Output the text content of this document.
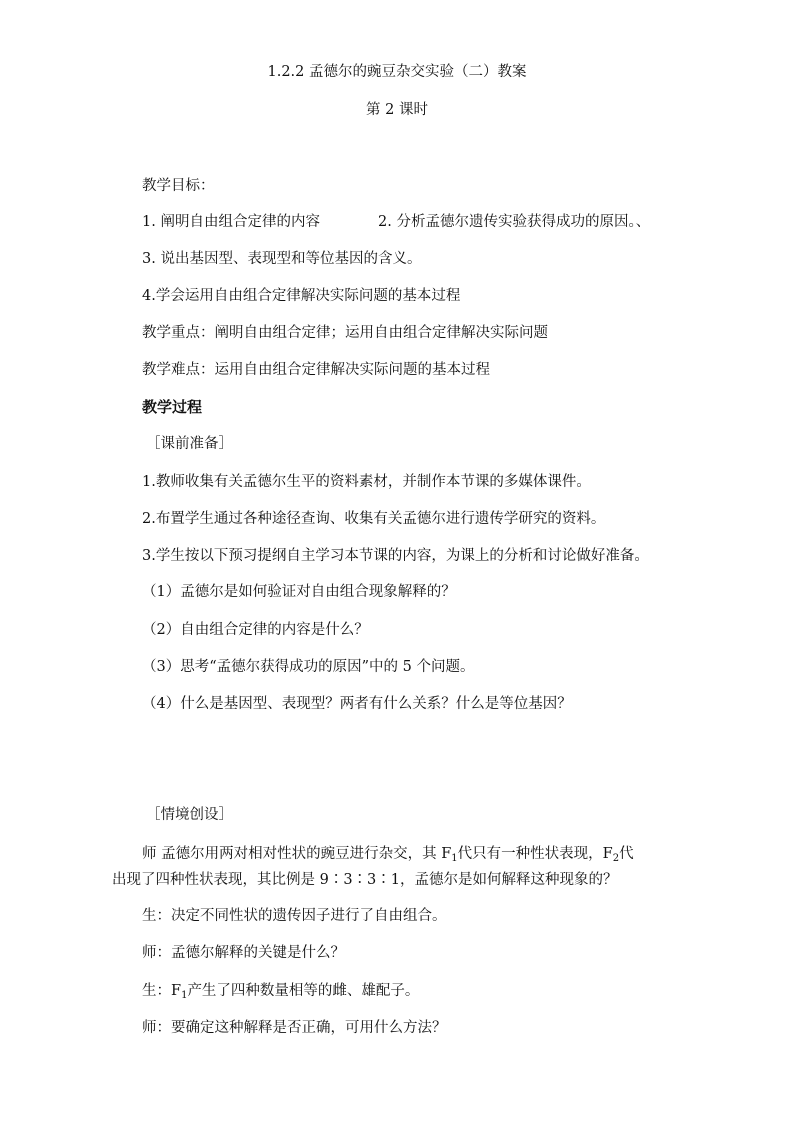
1.2.2 孟德尔的豌豆杂交实验（二）教案
第 2 课时
教学目标：
1. 阐明自由组合定律的内容	2. 分析孟德尔遗传实验获得成功的原因。、
3. 说出基因型、表现型和等位基因的含义。
4.学会运用自由组合定律解决实际问题的基本过程
教学重点：阐明自由组合定律；运用自由组合定律解决实际问题
教学难点：运用自由组合定律解决实际问题的基本过程
教学过程
［课前准备］
1.教师收集有关孟德尔生平的资料素材，并制作本节课的多媒体课件。
2.布置学生通过各种途径查询、收集有关孟德尔进行遗传学研究的资料。
3.学生按以下预习提纲自主学习本节课的内容，为课上的分析和讨论做好准备。
（1）孟德尔是如何验证对自由组合现象解释的？
（2）自由组合定律的内容是什么？
（3）思考“孟德尔获得成功的原因”中的 5 个问题。
（4）什么是基因型、表现型？两者有什么关系？什么是等位基因？
［情境创设］
师 孟德尔用两对相对性状的豌豆进行杂交，其 $F_1$代只有一种性状表现，$F_2$代
出现了四种性状表现，其比例是 9∶3∶3∶1，孟德尔是如何解释这种现象的？
生：决定不同性状的遗传因子进行了自由组合。
师：孟德尔解释的关键是什么？
生：$F_1$产生了四种数量相等的雌、雄配子。
师：要确定这种解释是否正确，可用什么方法？
